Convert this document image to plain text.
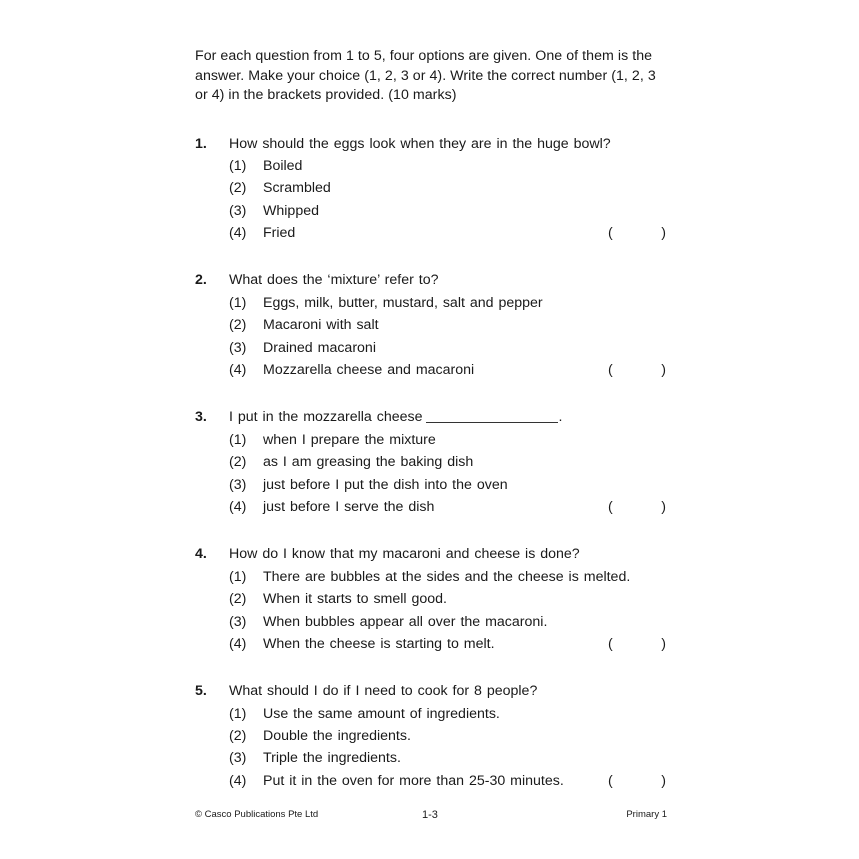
For each question from 1 to 5, four options are given. One of them is the answer. Make your choice (1, 2, 3 or 4). Write the correct number (1, 2, 3 or 4) in the brackets provided. (10 marks)

1. How should the eggs look when they are in the huge bowl?
(1) Boiled
(2) Scrambled
(3) Whipped
(4) Fried	(	)
2. What does the ‘mixture’ refer to?
(1) Eggs, milk, butter, mustard, salt and pepper
(2) Macaroni with salt
(3) Drained macaroni
(4) Mozzarella cheese and macaroni	(	)
3. I put in the mozzarella cheese	.
(1) when I prepare the mixture
(2) as I am greasing the baking dish
(3) just before I put the dish into the oven
(4) just before I serve the dish	(	)
4. How do I know that my macaroni and cheese is done?
(1) There are bubbles at the sides and the cheese is melted.
(2) When it starts to smell good.
(3) When bubbles appear all over the macaroni.
(4) When the cheese is starting to melt.	(	)
5. What should I do if I need to cook for 8 people?
(1) Use the same amount of ingredients.
(2) Double the ingredients.
(3) Triple the ingredients.
(4) Put it in the oven for more than 25-30 minutes.	(	)
© Casco Publications Pte Ltd	1-3	Primary 1
